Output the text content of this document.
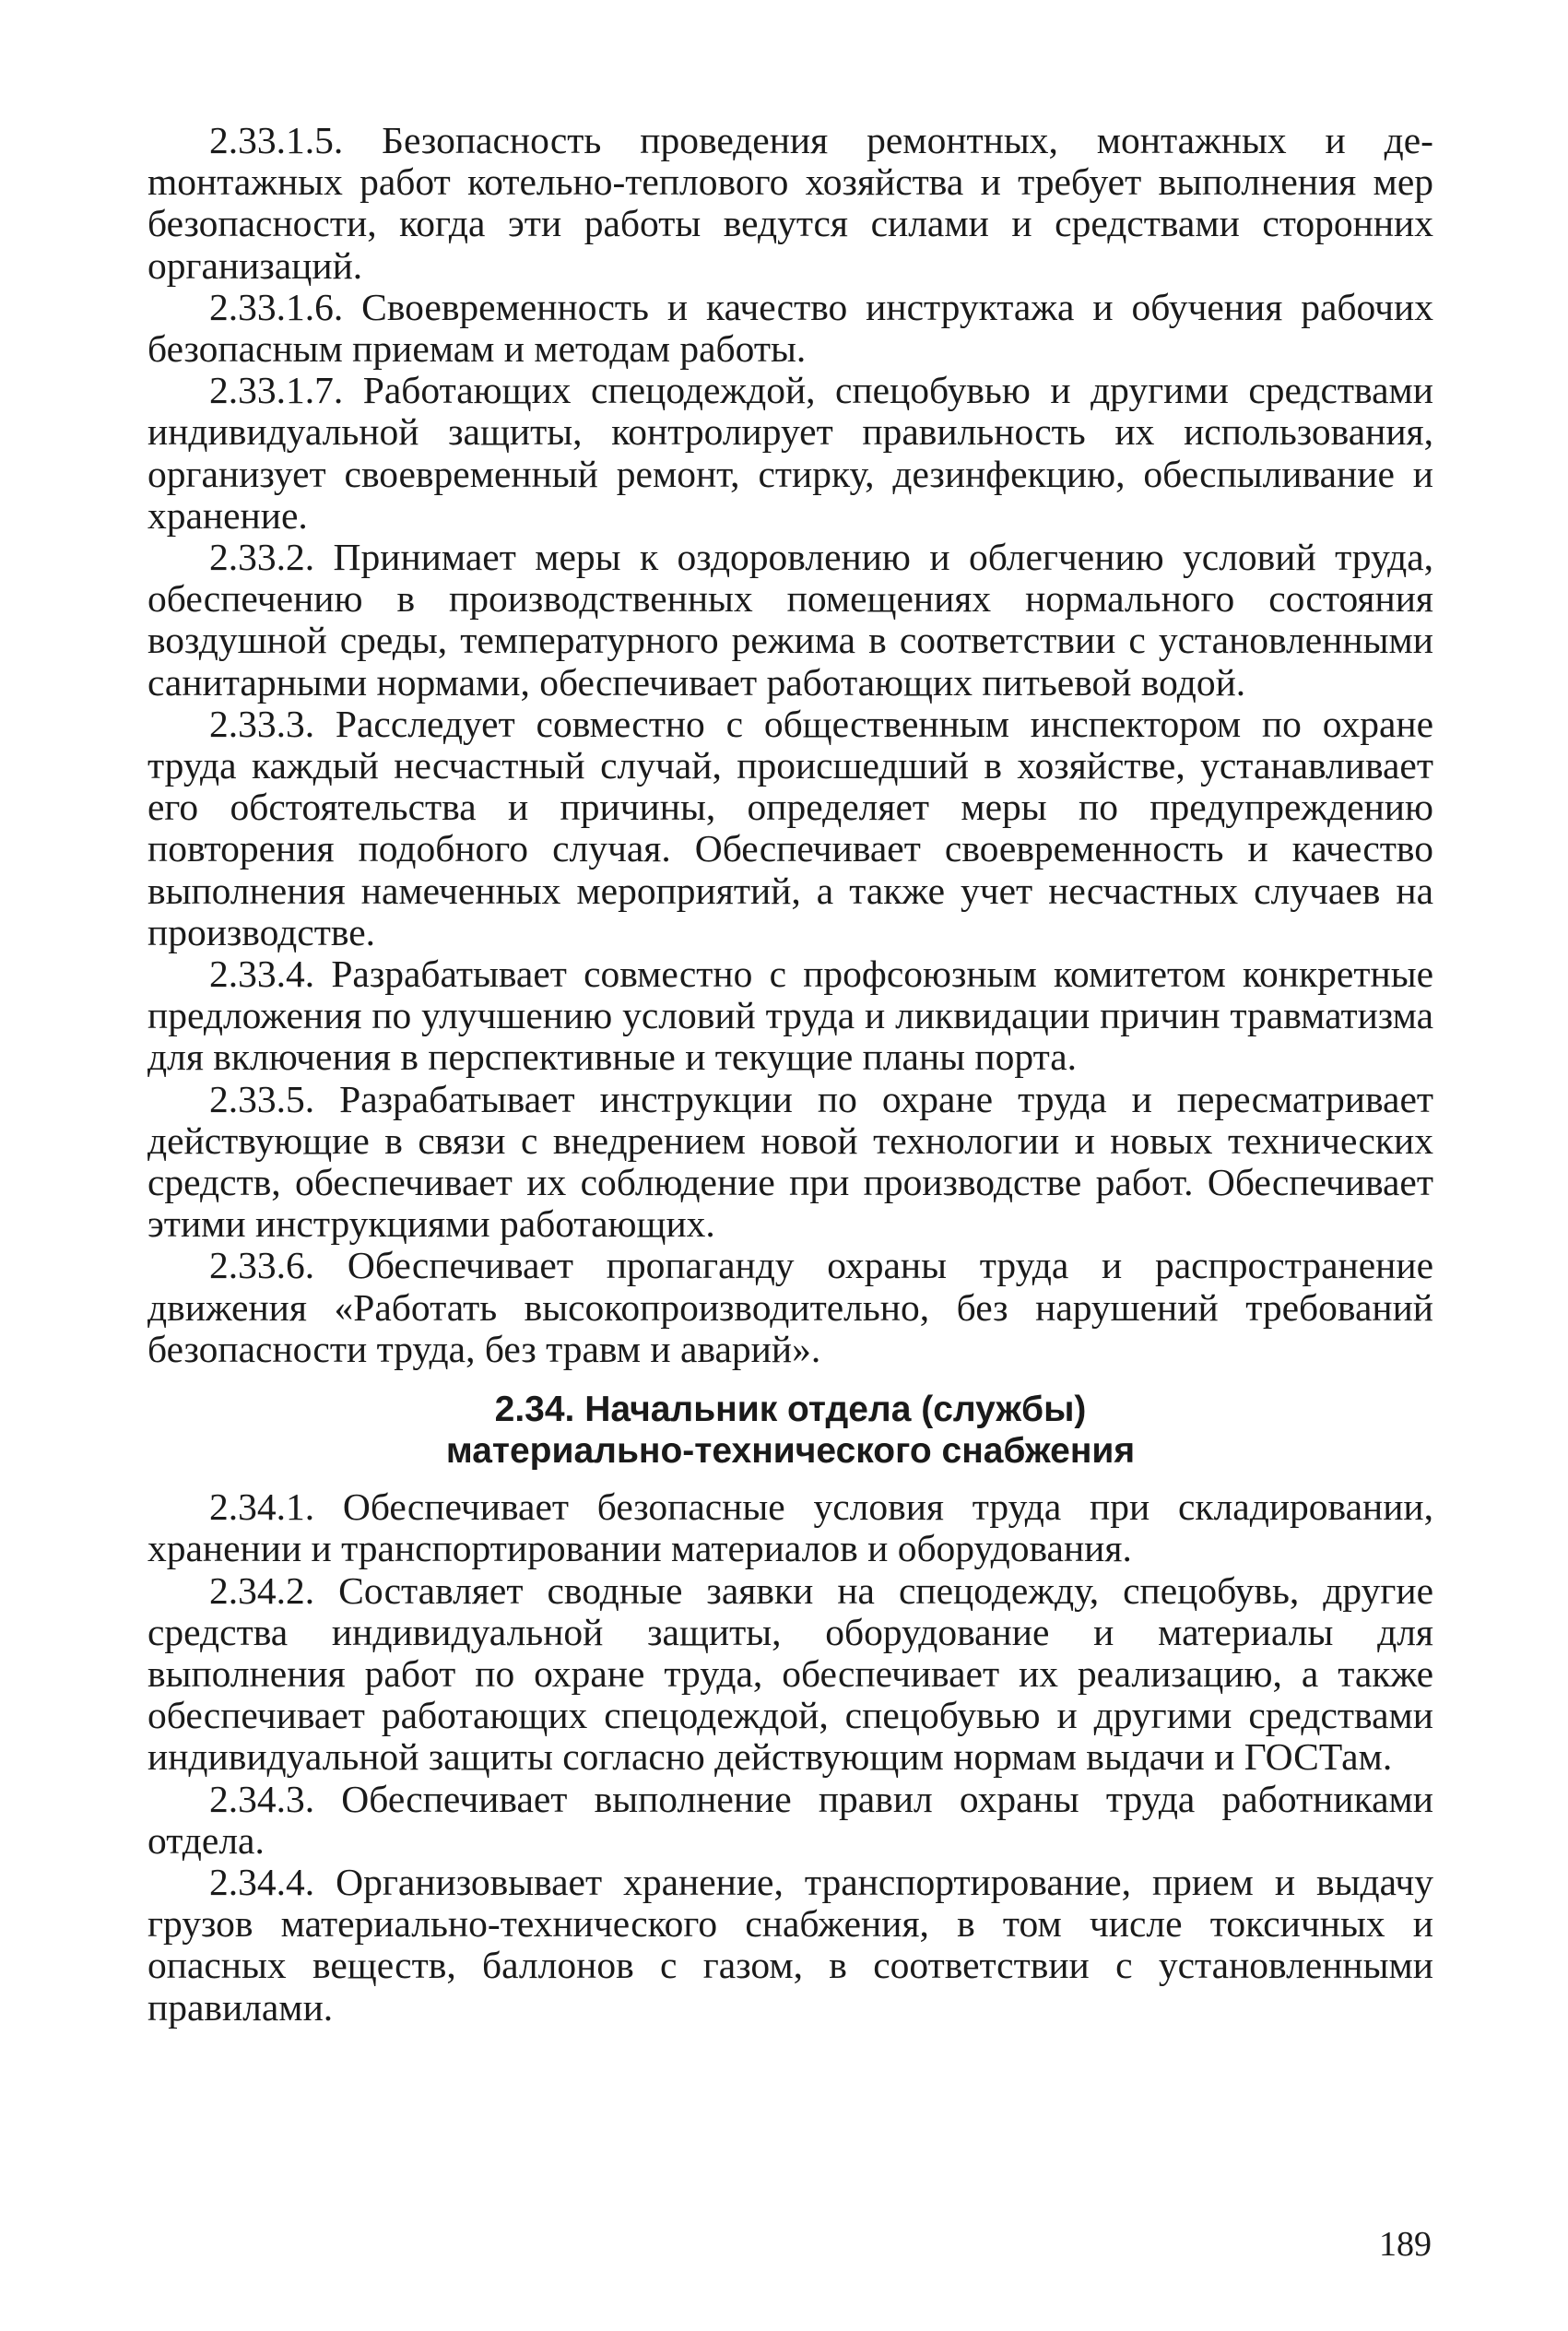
2.33.1.5. Безопасность проведения ремонтных, монтажных и деmонтажных работ котельно-теплового хозяйства и требует выполнения мер безопасности, когда эти работы ведутся силами и средствами сторонних организаций.

2.33.1.6. Своевременность и качество инструктажа и обучения рабочих безопасным приемам и методам работы.

2.33.1.7. Работающих спецодеждой, спецобувью и другими средствами индивидуальной защиты, контролирует правильность их использования, организует своевременный ремонт, стирку, дезинфекцию, обеспыливание и хранение.

2.33.2. Принимает меры к оздоровлению и облегчению условий труда, обеспечению в производственных помещениях нормального состояния воздушной среды, температурного режима в соответствии с установленными санитарными нормами, обеспечивает работающих питьевой водой.

2.33.3. Расследует совместно с общественным инспектором по охране труда каждый несчастный случай, происшедший в хозяйстве, устанавливает его обстоятельства и причины, определяет меры по предупреждению повторения подобного случая. Обеспечивает своевременность и качество выполнения намеченных мероприятий, а также учет несчастных случаев на производстве.

2.33.4. Разрабатывает совместно с профсоюзным комитетом конкретные предложения по улучшению условий труда и ликвидации причин травматизма для включения в перспективные и текущие планы порта.

2.33.5. Разрабатывает инструкции по охране труда и пересматривает действующие в связи с внедрением новой технологии и новых технических средств, обеспечивает их соблюдение при производстве работ. Обеспечивает этими инструкциями работающих.

2.33.6. Обеспечивает пропаганду охраны труда и распространение движения «Работать высокопроизводительно, без нарушений требований безопасности труда, без травм и аварий».

2.34. Начальник отдела (службы)
материально-технического снабжения

2.34.1. Обеспечивает безопасные условия труда при складировании, хранении и транспортировании материалов и оборудования.

2.34.2. Составляет сводные заявки на спецодежду, спецобувь, другие средства индивидуальной защиты, оборудование и материалы для выполнения работ по охране труда, обеспечивает их реализацию, а также обеспечивает работающих спецодеждой, спецобувью и другими средствами индивидуальной защиты согласно действующим нормам выдачи и ГОСТам.

2.34.3. Обеспечивает выполнение правил охраны труда работниками отдела.

2.34.4. Организовывает хранение, транспортирование, прием и выдачу грузов материально-технического снабжения, в том числе токсичных и опасных веществ, баллонов с газом, в соответствии с установленными правилами.

189
